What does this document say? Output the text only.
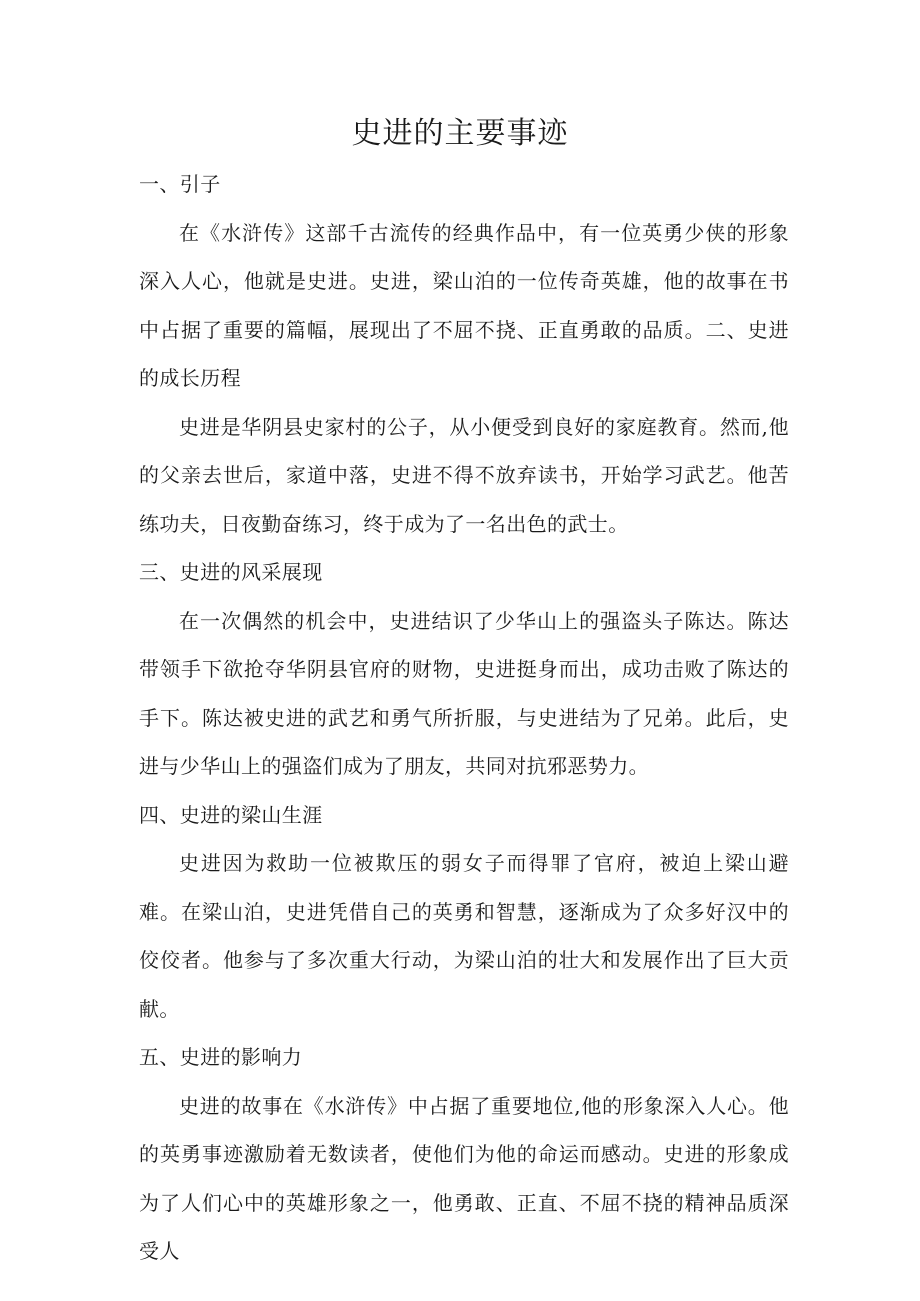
史进的主要事迹
一、引子

在《水浒传》这部千古流传的经典作品中，有一位英勇少侠的形象深入人心，他就是史进。史进，梁山泊的一位传奇英雄，他的故事在书中占据了重要的篇幅，展现出了不屈不挠、正直勇敢的品质。二、史进的成长历程

史进是华阴县史家村的公子，从小便受到良好的家庭教育。然而,他的父亲去世后，家道中落，史进不得不放弃读书，开始学习武艺。他苦练功夫，日夜勤奋练习，终于成为了一名出色的武士。

三、史进的风采展现

在一次偶然的机会中，史进结识了少华山上的强盗头子陈达。陈达带领手下欲抢夺华阴县官府的财物，史进挺身而出，成功击败了陈达的手下。陈达被史进的武艺和勇气所折服，与史进结为了兄弟。此后，史进与少华山上的强盗们成为了朋友，共同对抗邪恶势力。

四、史进的梁山生涯

史进因为救助一位被欺压的弱女子而得罪了官府，被迫上梁山避难。在梁山泊，史进凭借自己的英勇和智慧，逐渐成为了众多好汉中的佼佼者。他参与了多次重大行动，为梁山泊的壮大和发展作出了巨大贡献。

五、史进的影响力

史进的故事在《水浒传》中占据了重要地位,他的形象深入人心。他的英勇事迹激励着无数读者，使他们为他的命运而感动。史进的形象成为了人们心中的英雄形象之一，他勇敢、正直、不屈不挠的精神品质深受人
